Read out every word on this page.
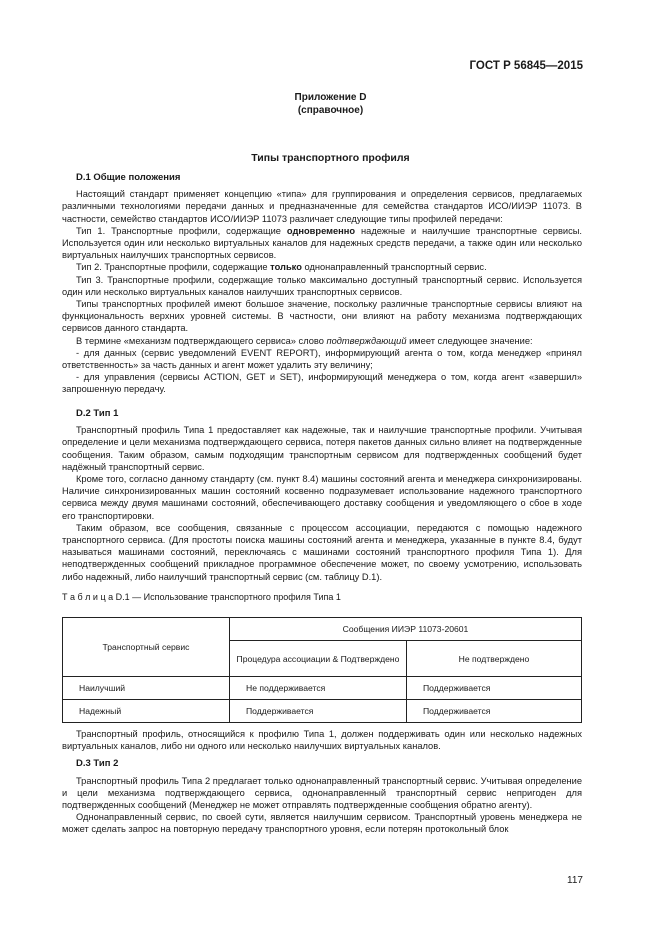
ГОСТ Р 56845—2015
Приложение D
(справочное)
Типы транспортного профиля
D.1 Общие положения

Настоящий стандарт применяет концепцию «типа» для группирования и определения сервисов, предлагаемых различными технологиями передачи данных и предназначенные для семейства стандартов ИСО/ИИЭР 11073. В частности, семейство стандартов ИСО/ИИЭР 11073 различает следующие типы профилей передачи:

Тип 1. Транспортные профили, содержащие одновременно надежные и наилучшие транспортные сервисы. Используется один или несколько виртуальных каналов для надежных средств передачи, а также один или несколько виртуальных наилучших транспортных сервисов.

Тип 2. Транспортные профили, содержащие только однонаправленный транспортный сервис.

Тип 3. Транспортные профили, содержащие только максимально доступный транспортный сервис. Используется один или несколько виртуальных каналов наилучших транспортных сервисов.

Типы транспортных профилей имеют большое значение, поскольку различные транспортные сервисы влияют на функциональность верхних уровней системы. В частности, они влияют на работу механизма подтверждающих сервисов данного стандарта.

В термине «механизм подтверждающего сервиса» слово подтверждающий имеет следующее значение:

- для данных (сервис уведомлений EVENT REPORT), информирующий агента о том, когда менеджер «принял ответственность» за часть данных и агент может удалить эту величину;

- для управления (сервисы ACTION, GET и SET), информирующий менеджера о том, когда агент «завершил» запрошенную передачу.

D.2 Тип 1

Транспортный профиль Типа 1 предоставляет как надежные, так и наилучшие транспортные профили. Учитывая определение и цели механизма подтверждающего сервиса, потеря пакетов данных сильно влияет на подтвержденные сообщения. Таким образом, самым подходящим транспортным сервисом для подтвержденных сообщений будет надёжный транспортный сервис.

Кроме того, согласно данному стандарту (см. пункт 8.4) машины состояний агента и менеджера синхронизированы. Наличие синхронизированных машин состояний косвенно подразумевает использование надежного транспортного сервиса между двумя машинами состояний, обеспечивающего доставку сообщения и уведомляющего о сбое в ходе его транспортировки.

Таким образом, все сообщения, связанные с процессом ассоциации, передаются с помощью надежного транспортного сервиса. (Для простоты поиска машины состояний агента и менеджера, указанные в пункте 8.4, будут называться машинами состояний, переключаясь с машинами состояний транспортного профиля Типа 1). Для неподтвержденных сообщений прикладное программное обеспечение может, по своему усмотрению, использовать либо надежный, либо наилучший транспортный сервис (см. таблицу D.1).

Т а б л и ц а D.1 — Использование транспортного профиля Типа 1
Транспортный сервис	Сообщения ИИЭР 11073-20601	
	Процедура ассоциации & Подтверждено	Не подтверждено
Наилучший	Не поддерживается	Поддерживается
Надежный	Поддерживается	Поддерживается

Транспортный профиль, относящийся к профилю Типа 1, должен поддерживать один или несколько надежных виртуальных каналов, либо ни одного или несколько наилучших виртуальных каналов.

D.3 Тип 2

Транспортный профиль Типа 2 предлагает только однонаправленный транспортный сервис. Учитывая определение и цели механизма подтверждающего сервиса, однонаправленный транспортный сервис непригоден для подтвержденных сообщений (Менеджер не может отправлять подтвержденные сообщения обратно агенту).

Однонаправленный сервис, по своей сути, является наилучшим сервисом. Транспортный уровень менеджера не может сделать запрос на повторную передачу транспортного уровня, если потерян протокольный блок

117
